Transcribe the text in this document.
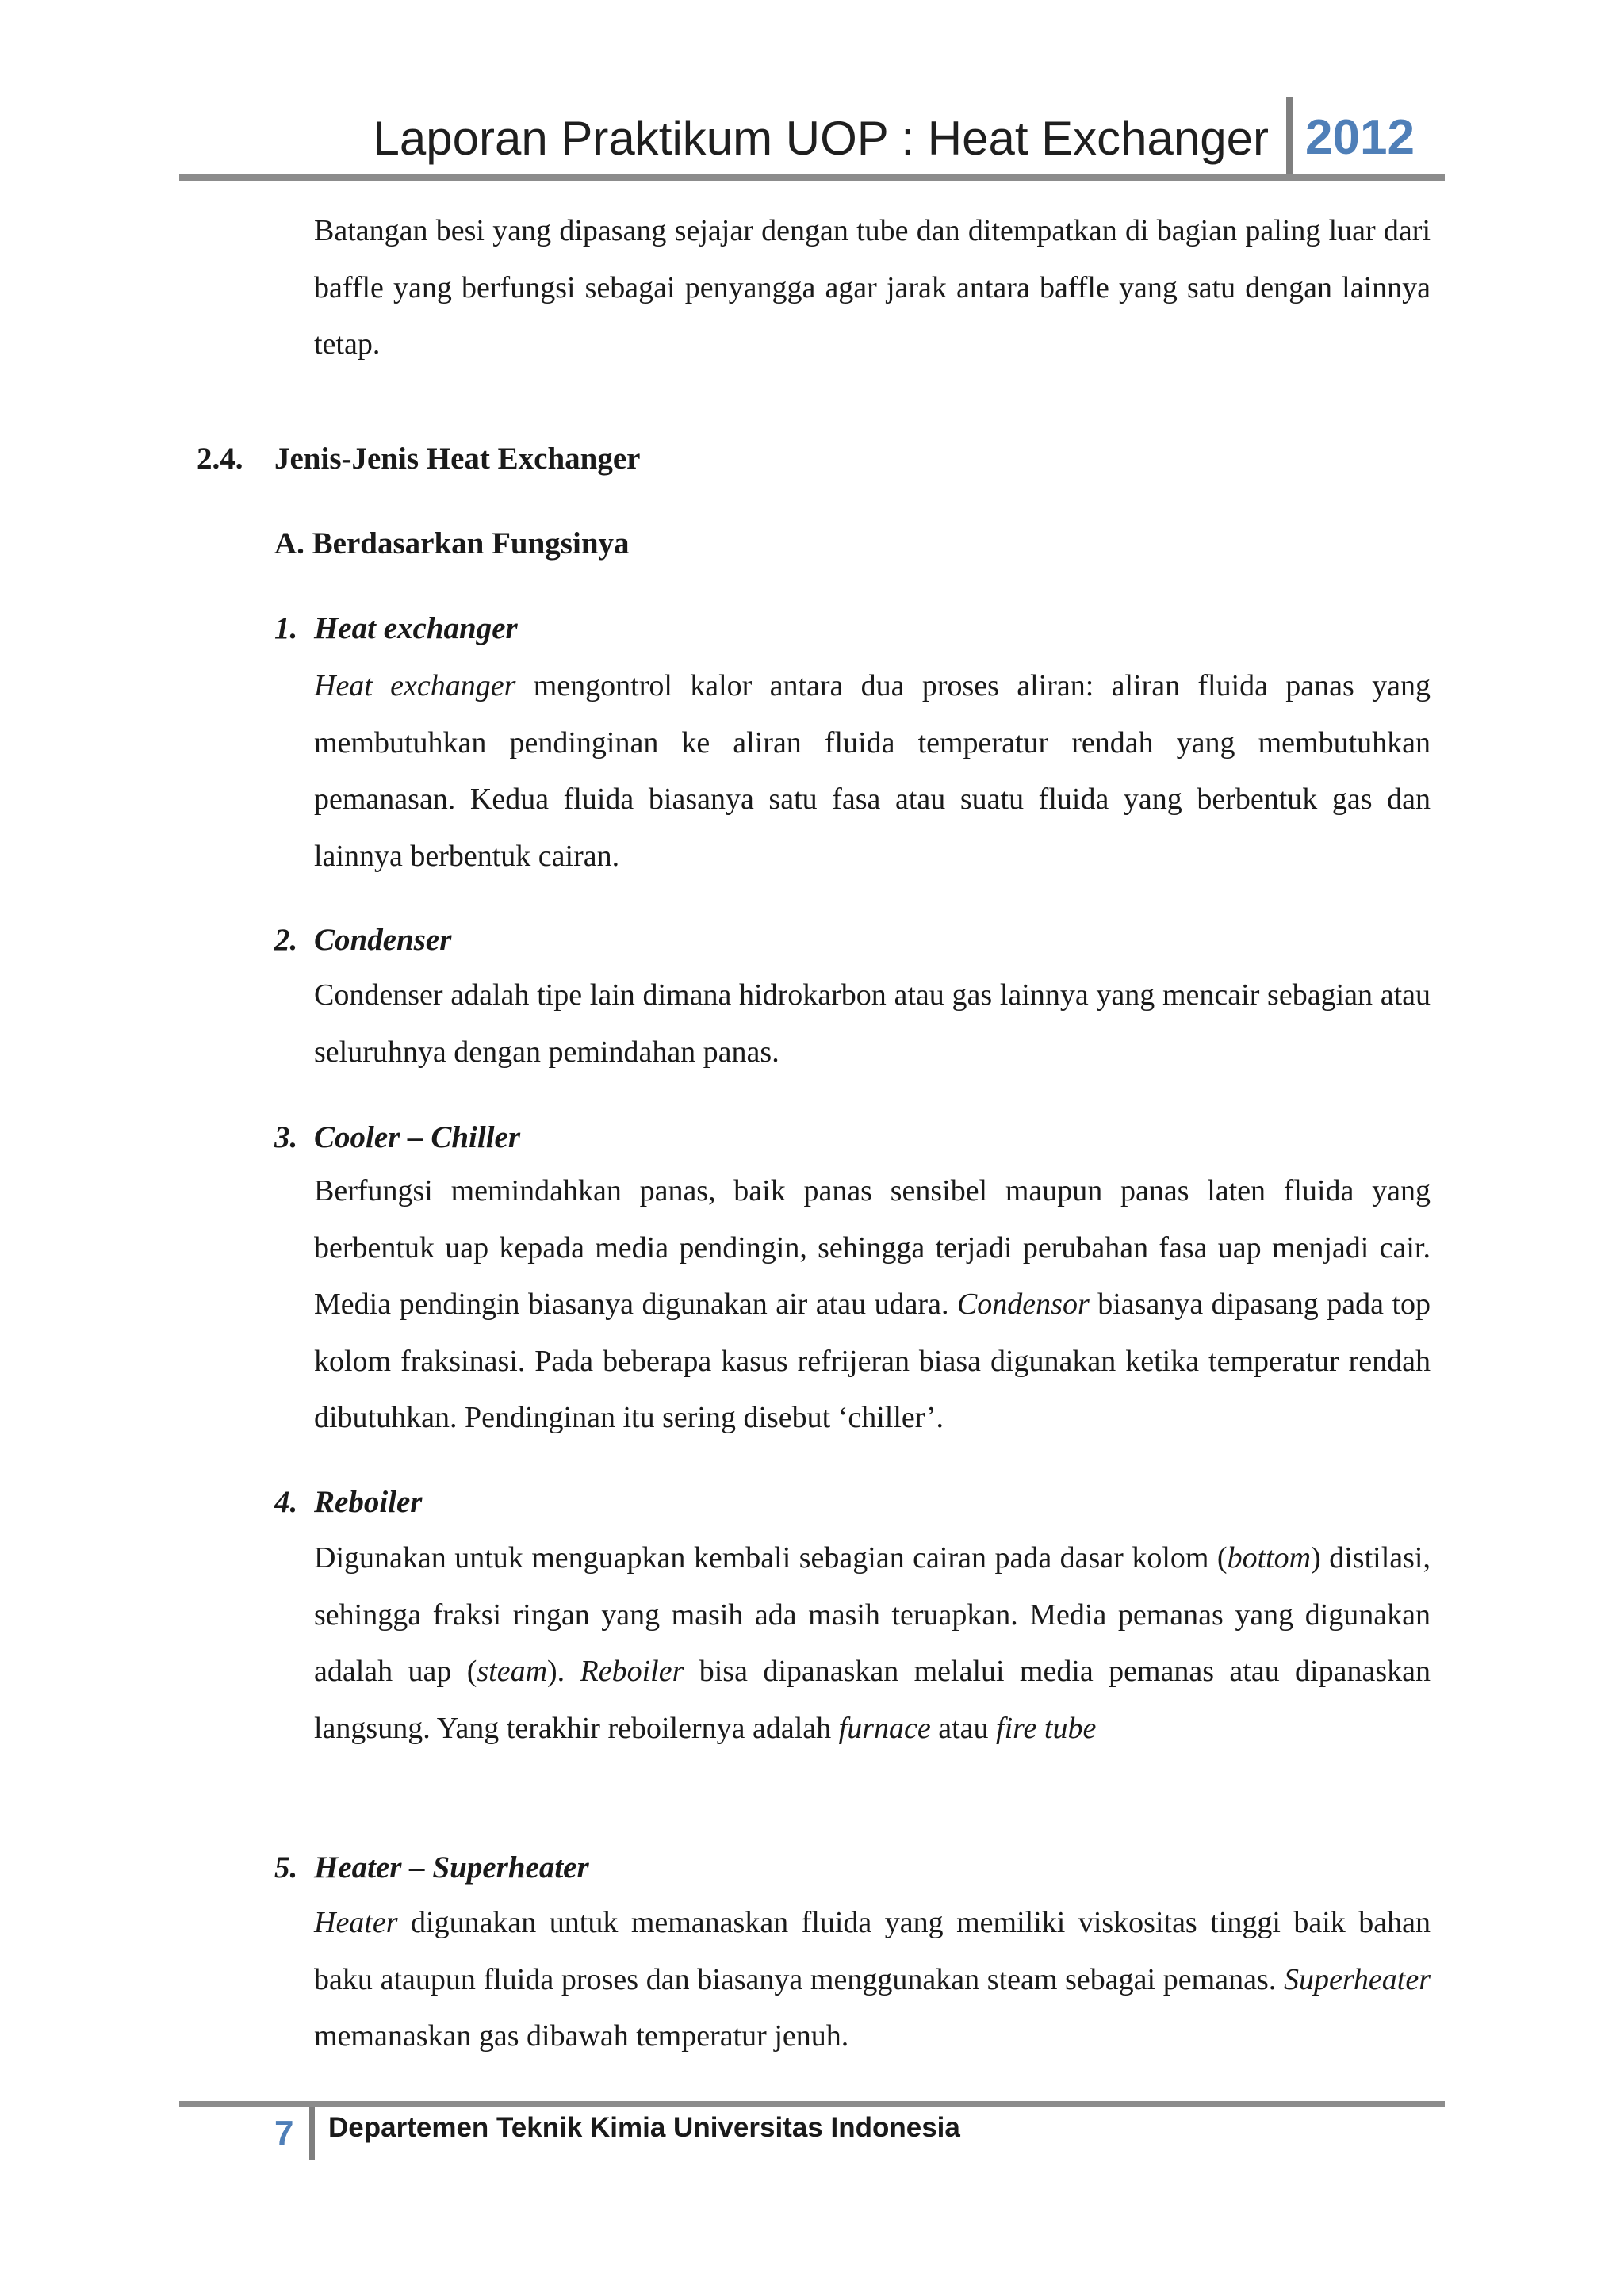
Laporan Praktikum UOP : Heat Exchanger 2012

Batangan besi yang dipasang sejajar dengan tube dan ditempatkan di bagian paling luar dari baffle yang berfungsi sebagai penyangga agar jarak antara baffle yang satu dengan lainnya tetap.

2.4. Jenis-Jenis Heat Exchanger
A. Berdasarkan Fungsinya
1. Heat exchanger

Heat exchanger mengontrol kalor antara dua proses aliran: aliran fluida panas yang membutuhkan pendinginan ke aliran fluida temperatur rendah yang membutuhkan pemanasan. Kedua fluida biasanya satu fasa atau suatu fluida yang berbentuk gas dan lainnya berbentuk cairan.

2. Condenser

Condenser adalah tipe lain dimana hidrokarbon atau gas lainnya yang mencair sebagian atau seluruhnya dengan pemindahan panas.

3. Cooler – Chiller

Berfungsi memindahkan panas, baik panas sensibel maupun panas laten fluida yang berbentuk uap kepada media pendingin, sehingga terjadi perubahan fasa uap menjadi cair. Media pendingin biasanya digunakan air atau udara. Condensor biasanya dipasang pada top kolom fraksinasi. Pada beberapa kasus refrijeran biasa digunakan ketika temperatur rendah dibutuhkan. Pendinginan itu sering disebut ‘chiller’.

4. Reboiler

Digunakan untuk menguapkan kembali sebagian cairan pada dasar kolom (bottom) distilasi, sehingga fraksi ringan yang masih ada masih teruapkan. Media pemanas yang digunakan adalah uap (steam). Reboiler bisa dipanaskan melalui media pemanas atau dipanaskan langsung. Yang terakhir reboilernya adalah furnace atau fire tube

5. Heater – Superheater

Heater digunakan untuk memanaskan fluida yang memiliki viskositas tinggi baik bahan baku ataupun fluida proses dan biasanya menggunakan steam sebagai pemanas. Superheater memanaskan gas dibawah temperatur jenuh.

7 Departemen Teknik Kimia Universitas Indonesia
